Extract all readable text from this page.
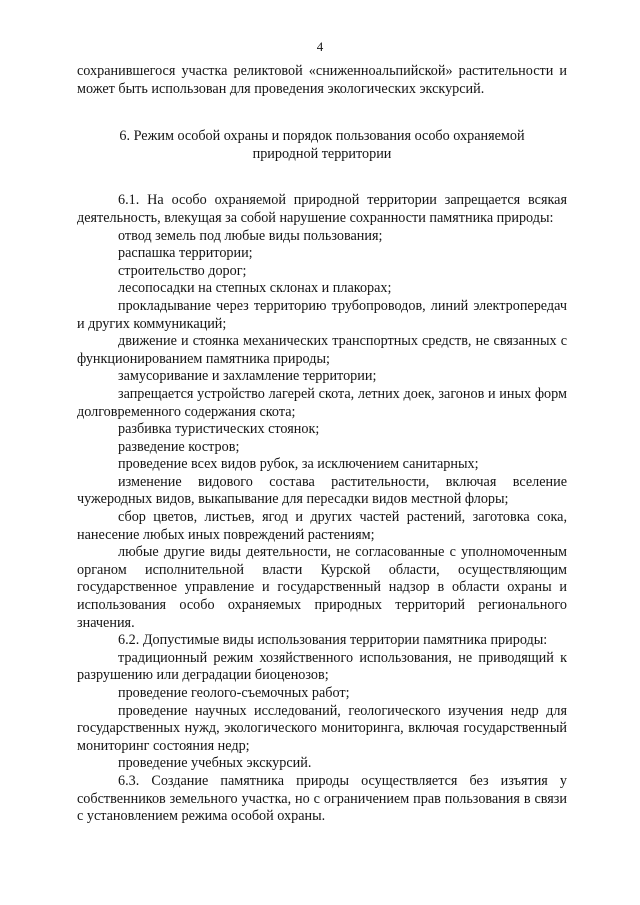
4

сохранившегося участка реликтовой «сниженноальпийской» растительности и может быть использован для проведения экологических экскурсий.

6. Режим особой охраны и порядок пользования особо охраняемой
природной территории

6.1. На особо охраняемой природной территории запрещается всякая деятельность, влекущая за собой нарушение сохранности памятника природы:

отвод земель под любые виды пользования;

распашка территории;

строительство дорог;

лесопосадки на степных склонах и плакорах;

прокладывание через территорию трубопроводов, линий электропередач и других коммуникаций;

движение и стоянка механических транспортных средств, не связанных с функционированием памятника природы;

замусоривание и захламление территории;

запрещается устройство лагерей скота, летних доек, загонов и иных форм долговременного содержания скота;

разбивка туристических стоянок;

разведение костров;

проведение всех видов рубок, за исключением санитарных;

изменение видового состава растительности, включая вселение чужеродных видов, выкапывание для пересадки видов местной флоры;

сбор цветов, листьев, ягод и других частей растений, заготовка сока, нанесение любых иных повреждений растениям;

любые другие виды деятельности, не согласованные с уполномоченным органом исполнительной власти Курской области, осуществляющим государственное управление и государственный надзор в области охраны и использования особо охраняемых природных территорий регионального значения.

6.2. Допустимые виды использования территории памятника природы:

традиционный режим хозяйственного использования, не приводящий к разрушению или деградации биоценозов;

проведение геолого-съемочных работ;

проведение научных исследований, геологического изучения недр для государственных нужд, экологического мониторинга, включая государственный мониторинг состояния недр;

проведение учебных экскурсий.

6.3. Создание памятника природы осуществляется без изъятия у собственников земельного участка, но с ограничением прав пользования в связи с установлением режима особой охраны.
